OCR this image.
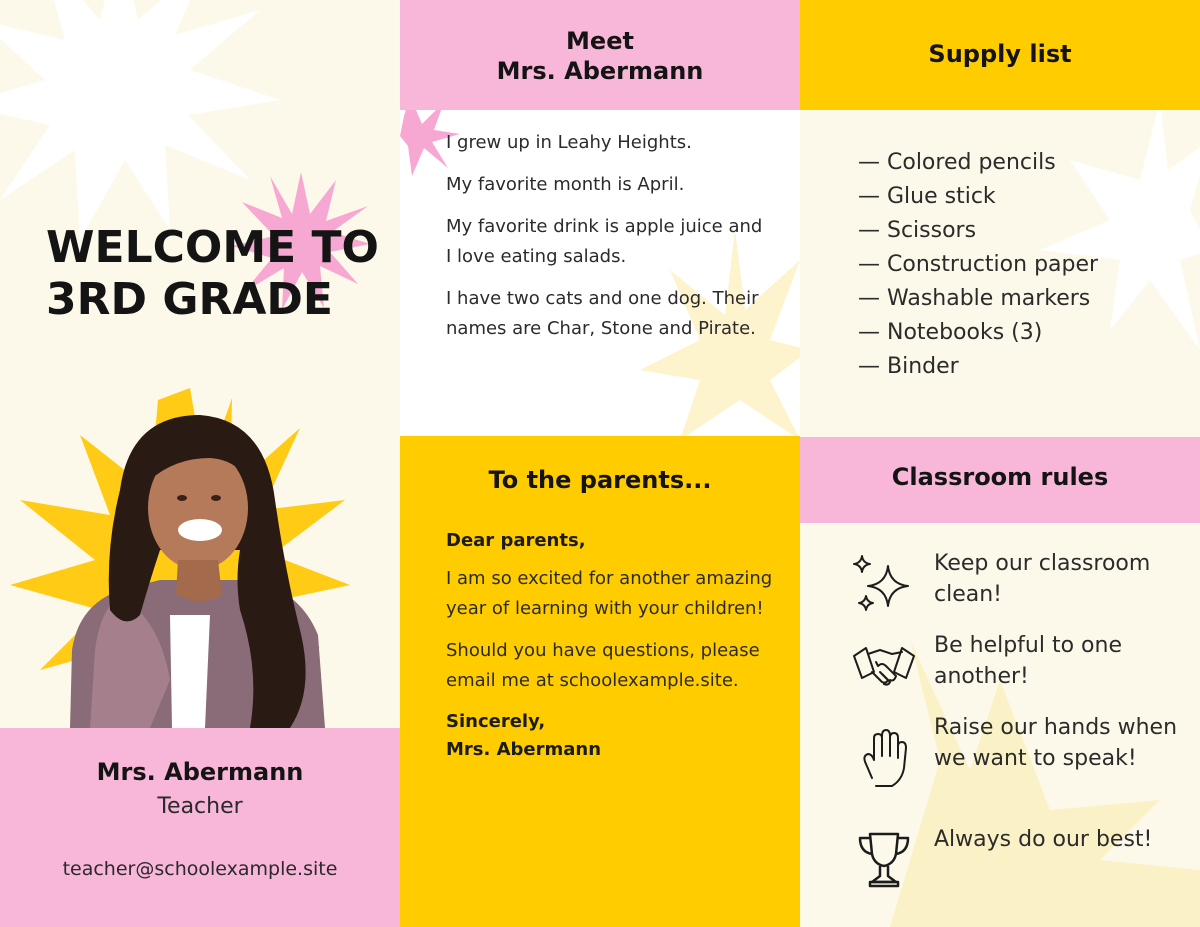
WELCOME TO
3RD GRADE
Mrs. Abermann
Teacher
teacher@schoolexample.site
Meet
Mrs. Abermann

I grew up in Leahy Heights.

My favorite month is April.

My favorite drink is apple juice and I love eating salads.

I have two cats and one dog. Their names are Char, Stone and Pirate.

To the parents...

Dear parents,

I am so excited for another amazing year of learning with your children!

Should you have questions, please email me at schoolexample.site.

Sincerely,
Mrs. Abermann
Supply list
— Colored pencils
— Glue stick
— Scissors
— Construction paper
— Washable markers
— Notebooks (3)
— Binder
Classroom rules
Keep our classroom clean!
Be helpful to one another!
Raise our hands when we want to speak!
Always do our best!
